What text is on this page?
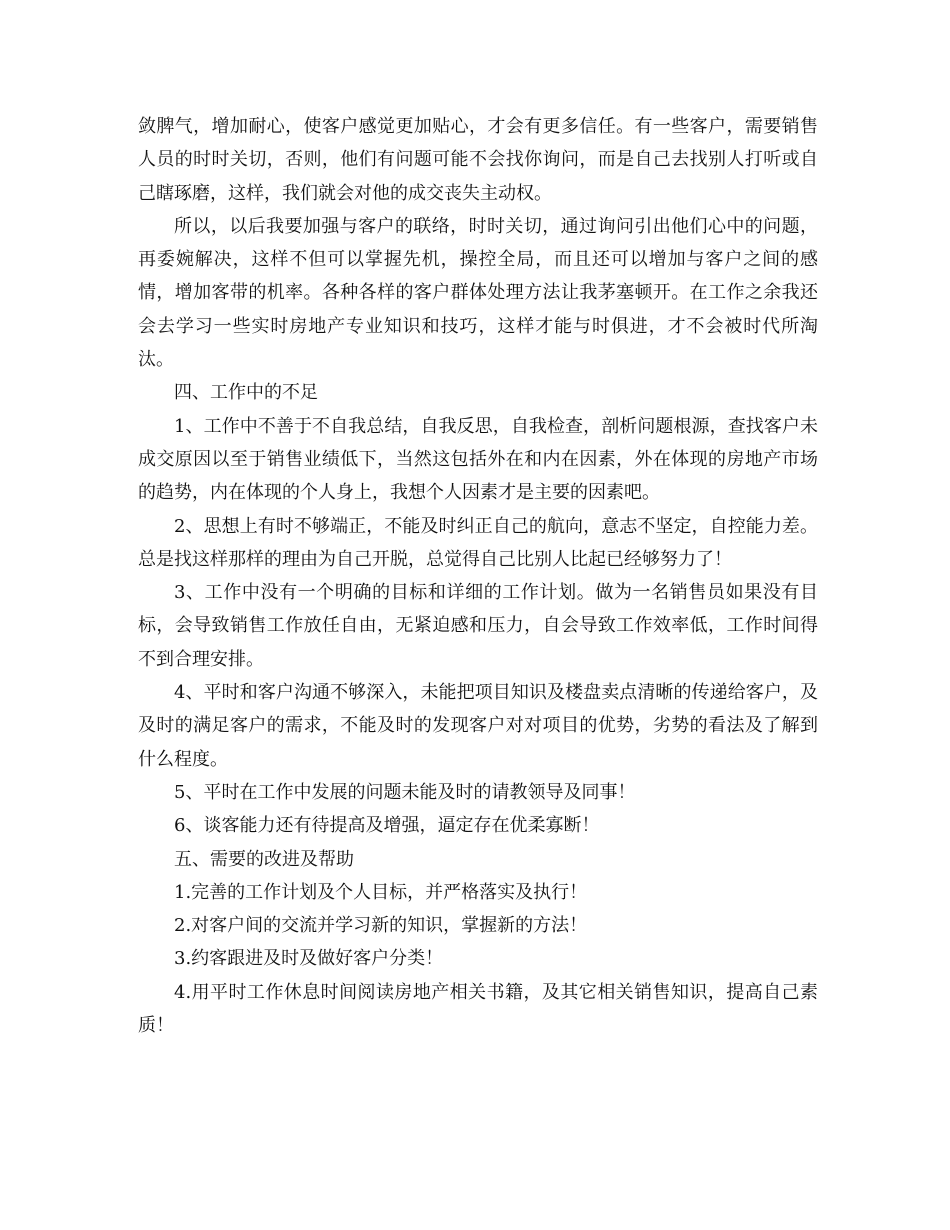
敛脾气，增加耐心，使客户感觉更加贴心，才会有更多信任。有一些客户，需要销售人员的时时关切，否则，他们有问题可能不会找你询问，而是自己去找别人打听或自己瞎琢磨，这样，我们就会对他的成交丧失主动权。

所以，以后我要加强与客户的联络，时时关切，通过询问引出他们心中的问题，再委婉解决，这样不但可以掌握先机，操控全局，而且还可以增加与客户之间的感情，增加客带的机率。各种各样的客户群体处理方法让我茅塞顿开。在工作之余我还会去学习一些实时房地产专业知识和技巧，这样才能与时俱进，才不会被时代所淘汰。

四、工作中的不足

1、工作中不善于不自我总结，自我反思，自我检查，剖析问题根源，查找客户未成交原因以至于销售业绩低下，当然这包括外在和内在因素，外在体现的房地产市场的趋势，内在体现的个人身上，我想个人因素才是主要的因素吧。

2、思想上有时不够端正，不能及时纠正自己的航向，意志不坚定，自控能力差。总是找这样那样的理由为自己开脱，总觉得自己比别人比起已经够努力了！

3、工作中没有一个明确的目标和详细的工作计划。做为一名销售员如果没有目标，会导致销售工作放任自由，无紧迫感和压力，自会导致工作效率低，工作时间得不到合理安排。

4、平时和客户沟通不够深入，未能把项目知识及楼盘卖点清晰的传递给客户，及及时的满足客户的需求，不能及时的发现客户对对项目的优势，劣势的看法及了解到什么程度。

5、平时在工作中发展的问题未能及时的请教领导及同事！

6、谈客能力还有待提高及增强，逼定存在优柔寡断！

五、需要的改进及帮助

1.完善的工作计划及个人目标，并严格落实及执行！

2.对客户间的交流并学习新的知识，掌握新的方法！

3.约客跟进及时及做好客户分类！

4.用平时工作休息时间阅读房地产相关书籍，及其它相关销售知识，提高自己素质！
